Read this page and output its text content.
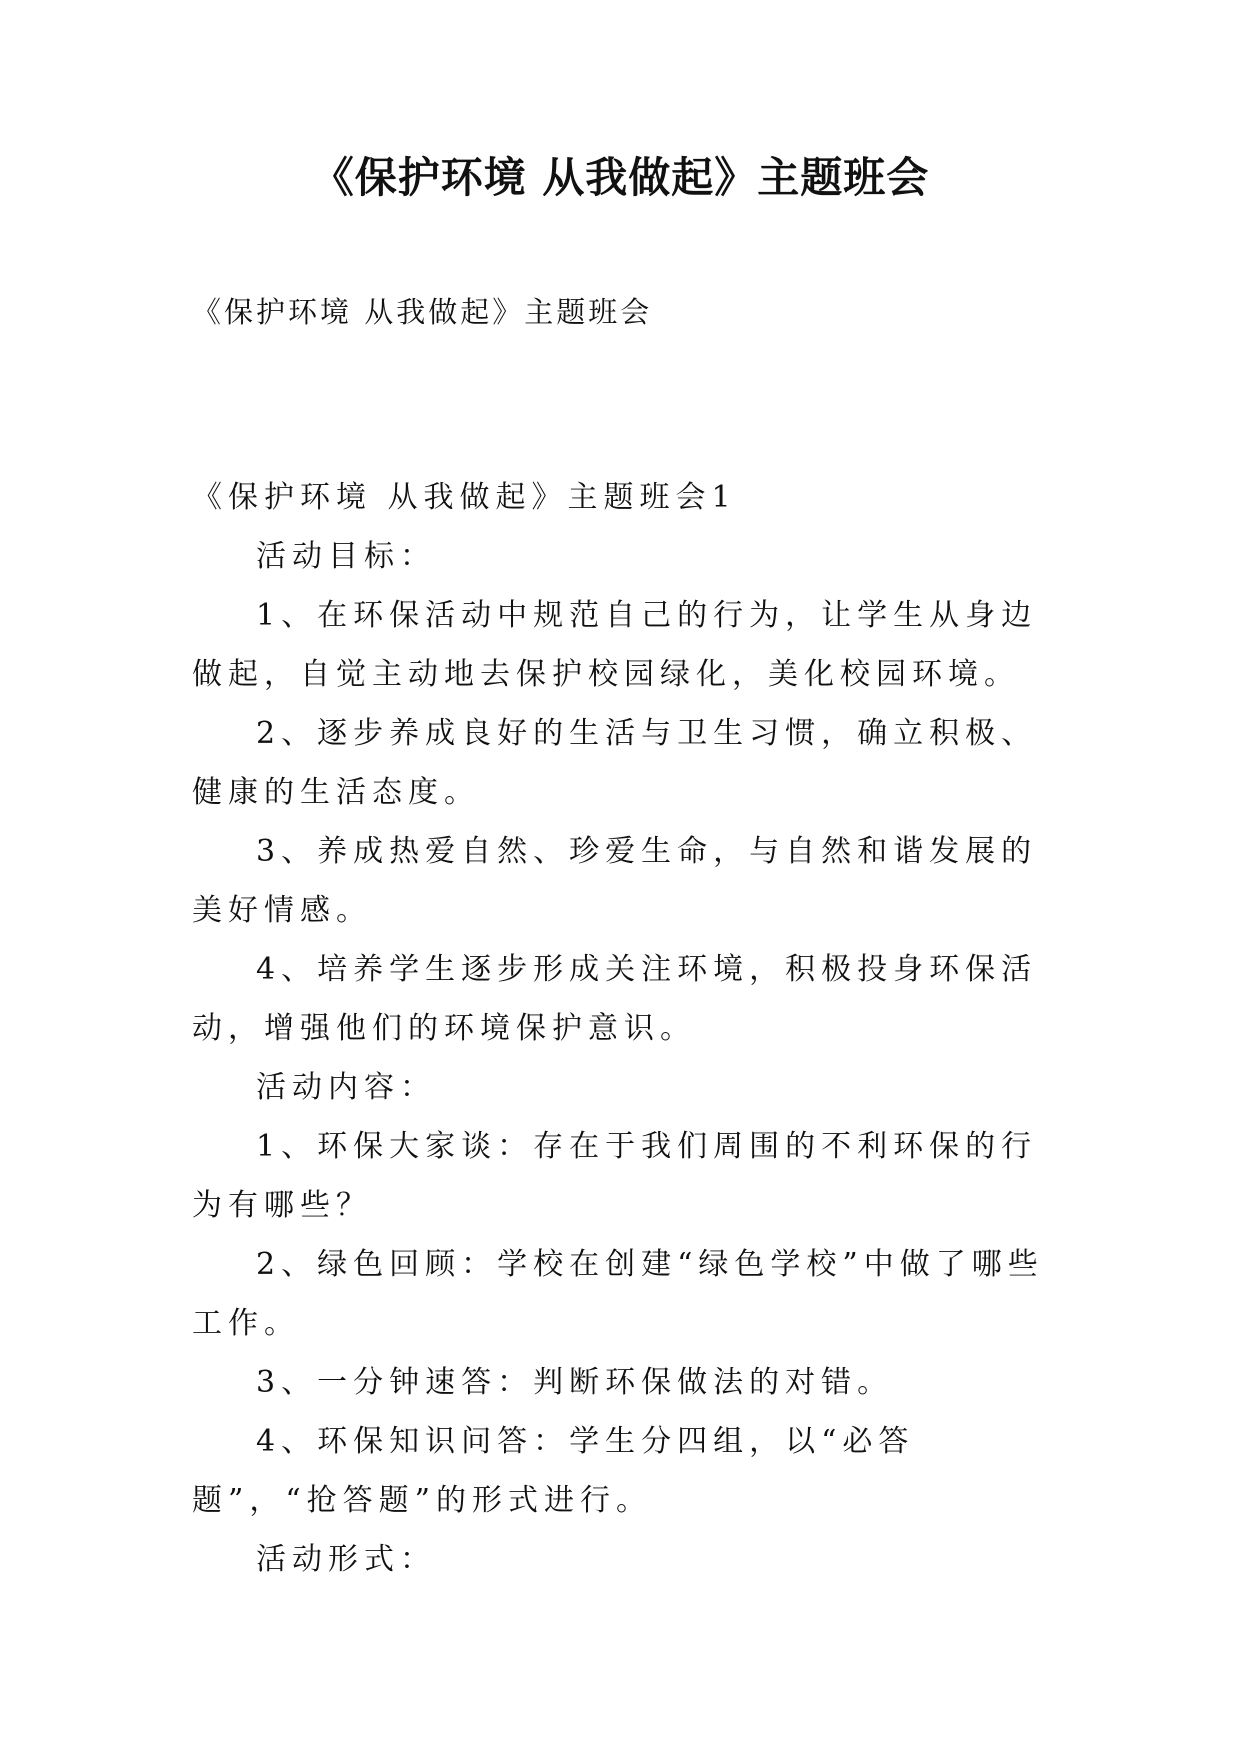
《保护环境 从我做起》主题班会
《保护环境 从我做起》主题班会

《保护环境 从我做起》主题班会1

活动目标：

1、在环保活动中规范自己的行为，让学生从身边做起，自觉主动地去保护校园绿化，美化校园环境。

2、逐步养成良好的生活与卫生习惯，确立积极、健康的生活态度。

3、养成热爱自然、珍爱生命，与自然和谐发展的美好情感。

4、培养学生逐步形成关注环境，积极投身环保活动，增强他们的环境保护意识。

活动内容：

1、环保大家谈：存在于我们周围的不利环保的行为有哪些？

2、绿色回顾：学校在创建“绿色学校”中做了哪些工作。

3、一分钟速答：判断环保做法的对错。

4、环保知识问答：学生分四组，以“必答题”，“抢答题”的形式进行。

活动形式：
